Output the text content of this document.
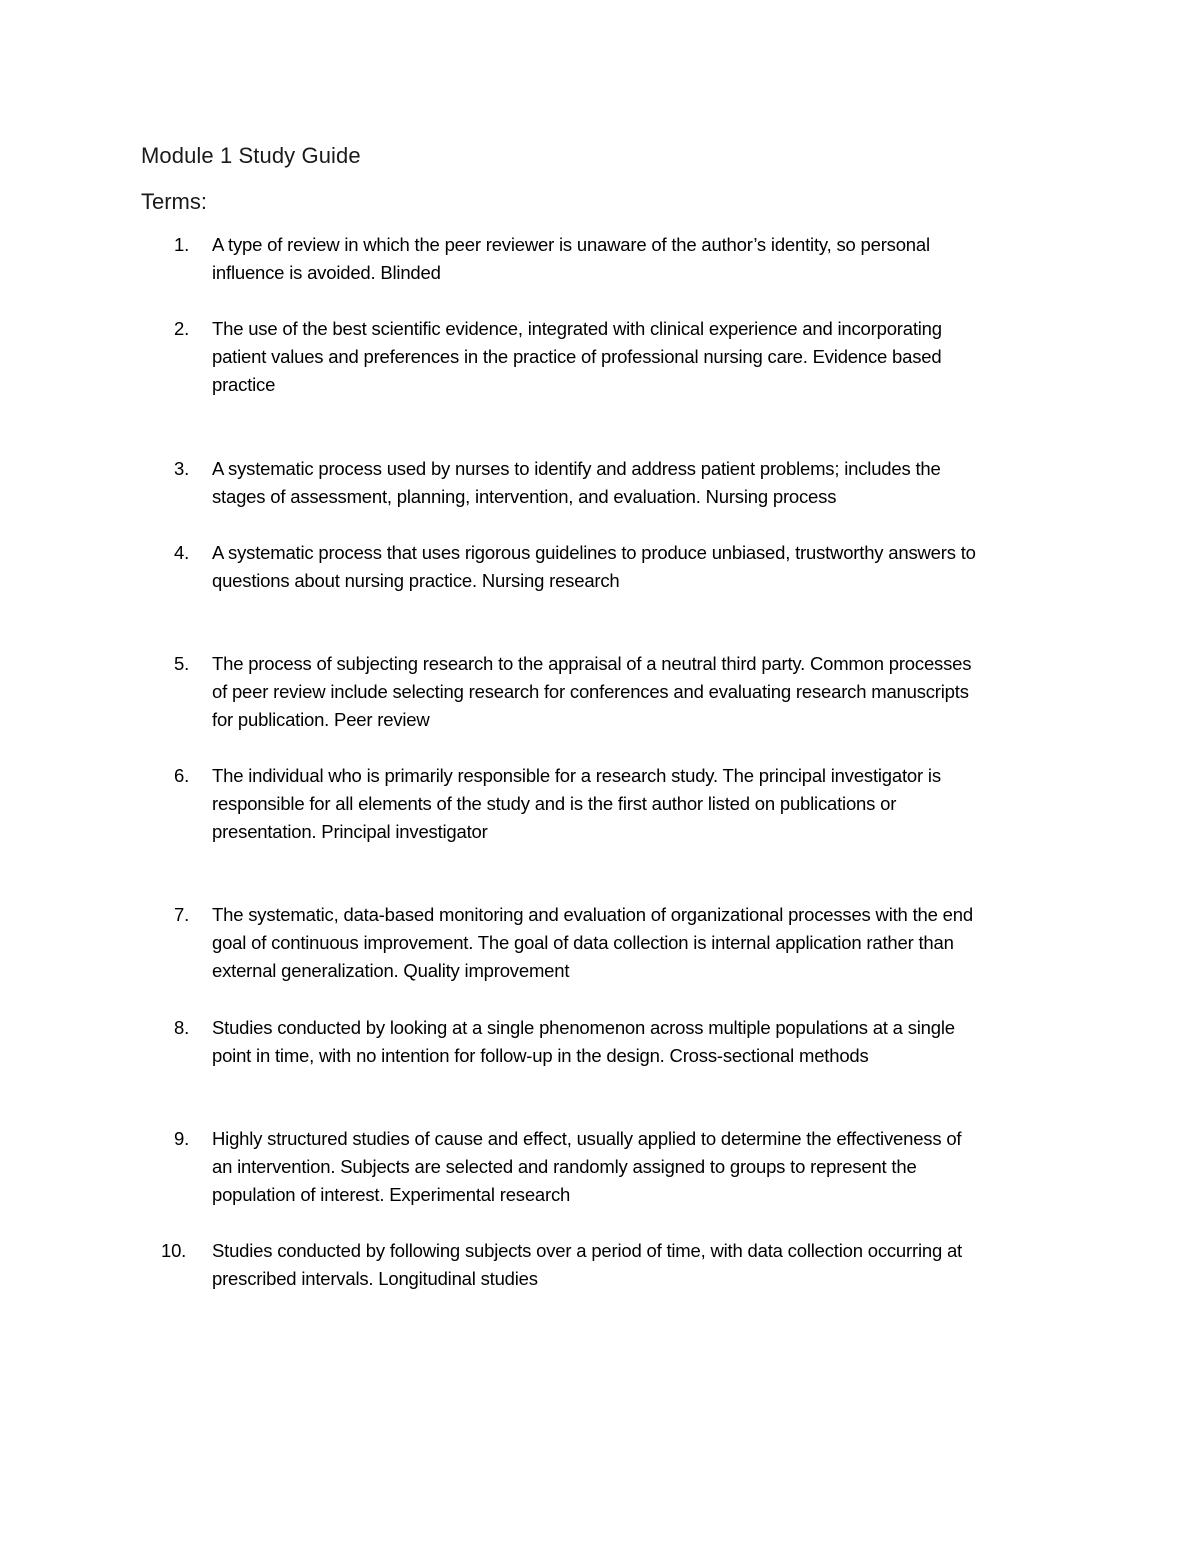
Module 1 Study Guide
Terms:
1.	A type of review in which the peer reviewer is unaware of the author’s identity, so personal
influence is avoided. Blinded
2.	The use of the best scientific evidence, integrated with clinical experience and incorporating
patient values and preferences in the practice of professional nursing care. Evidence based
practice
3.	A systematic process used by nurses to identify and address patient problems; includes the
stages of assessment, planning, intervention, and evaluation. Nursing process
4.	A systematic process that uses rigorous guidelines to produce unbiased, trustworthy answers to
questions about nursing practice. Nursing research
5.	The process of subjecting research to the appraisal of a neutral third party. Common processes
of peer review include selecting research for conferences and evaluating research manuscripts
for publication. Peer review
6.	The individual who is primarily responsible for a research study. The principal investigator is
responsible for all elements of the study and is the first author listed on publications or
presentation. Principal investigator
7.	The systematic, data-based monitoring and evaluation of organizational processes with the end
goal of continuous improvement. The goal of data collection is internal application rather than
external generalization. Quality improvement
8.	Studies conducted by looking at a single phenomenon across multiple populations at a single
point in time, with no intention for follow-up in the design. Cross-sectional methods
9.	Highly structured studies of cause and effect, usually applied to determine the effectiveness of
an intervention. Subjects are selected and randomly assigned to groups to represent the
population of interest. Experimental research
10.	Studies conducted by following subjects over a period of time, with data collection occurring at
prescribed intervals. Longitudinal studies
